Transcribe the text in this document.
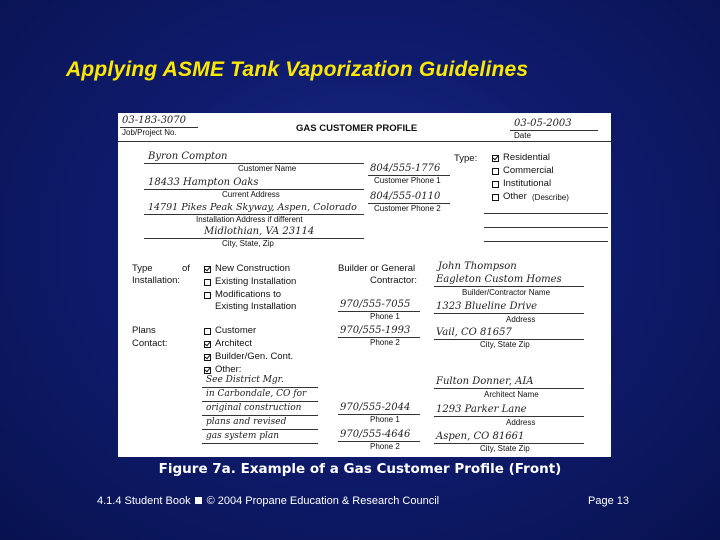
Applying ASME Tank Vaporization Guidelines
03-183-3070
Job/Project No.	GAS CUSTOMER PROFILE	03-05-2003
Date
Byron Compton
Customer Name
18433 Hampton Oaks
Current Address
14791 Pikes Peak Skyway, Aspen, Colorado
Installation Address if different
Midlothian, VA 23114
City, State, Zip
804/555-1776
Customer Phone 1
804/555-0110
Customer Phone 2
Type:	Residential
Commercial
Institutional
Other (Describe)
Type	of
Installation:
New Construction
Existing Installation
Modifications to
Existing Installation
Builder or General
Contractor:
John Thompson
Eagleton Custom Homes
Builder/Contractor Name
970/555-7055
Phone 1
1323 Blueline Drive
Address
970/555-1993
Phone 2
Vail, CO 81657
City, State Zip
Plans
Contact:
Customer
Architect
Builder/Gen. Cont.
Other:
See District Mgr.
in Carbondale, CO for
original construction
plans and revised
gas system plan
Fulton Donner, AIA
Architect Name
970/555-2044
Phone 1
1293 Parker Lane
Address
970/555-4646
Phone 2
Aspen, CO 81661
City, State Zip
Figure 7a. Example of a Gas Customer Profile (Front)
4.1.4 Student Book © 2004 Propane Education & Research Council	Page 13
